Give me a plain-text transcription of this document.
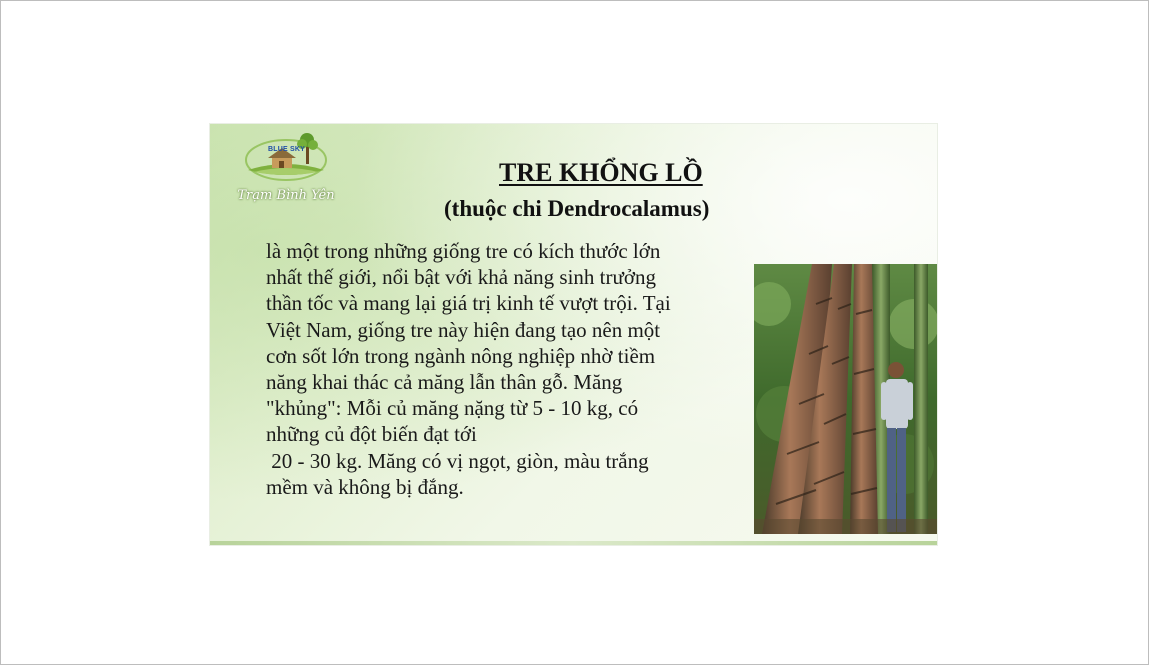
BLUE SKY
Trạm Bình Yên
TRE KHỔNG LỒ
(thuộc chi Dendrocalamus)
là một trong những giống tre có kích thước lớn
nhất thế giới, nổi bật với khả năng sinh trưởng
thần tốc và mang lại giá trị kinh tế vượt trội. Tại
Việt Nam, giống tre này hiện đang tạo nên một
cơn sốt lớn trong ngành nông nghiệp nhờ tiềm
năng khai thác cả măng lẫn thân gỗ. Măng
"khủng": Mỗi củ măng nặng từ 5 - 10 kg, có
những củ đột biến đạt tới
20 - 30 kg. Măng có vị ngọt, giòn, màu trắng
mềm và không bị đắng.
